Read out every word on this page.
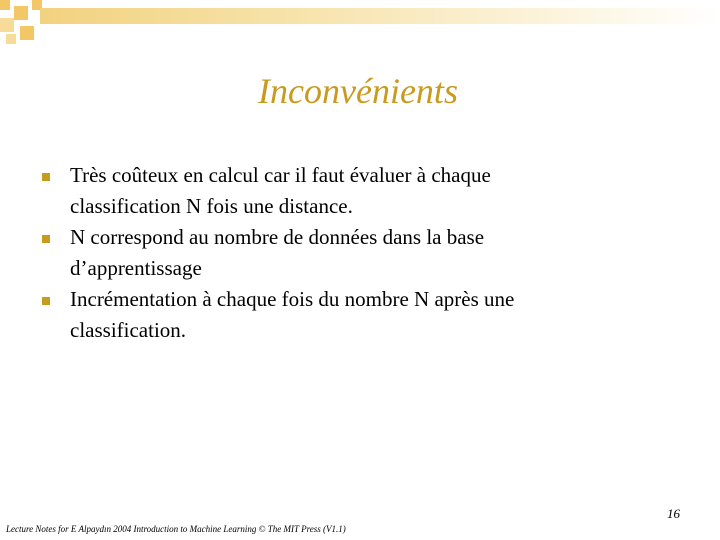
Inconvénients
Très coûteux en calcul car il faut évaluer à chaque classification N fois une distance.
N correspond au nombre de données dans la base d’apprentissage
Incrémentation à chaque fois du nombre N après une classification.
16
Lecture Notes for E Alpaydın 2004 Introduction to Machine Learning © The MIT Press (V1.1)
